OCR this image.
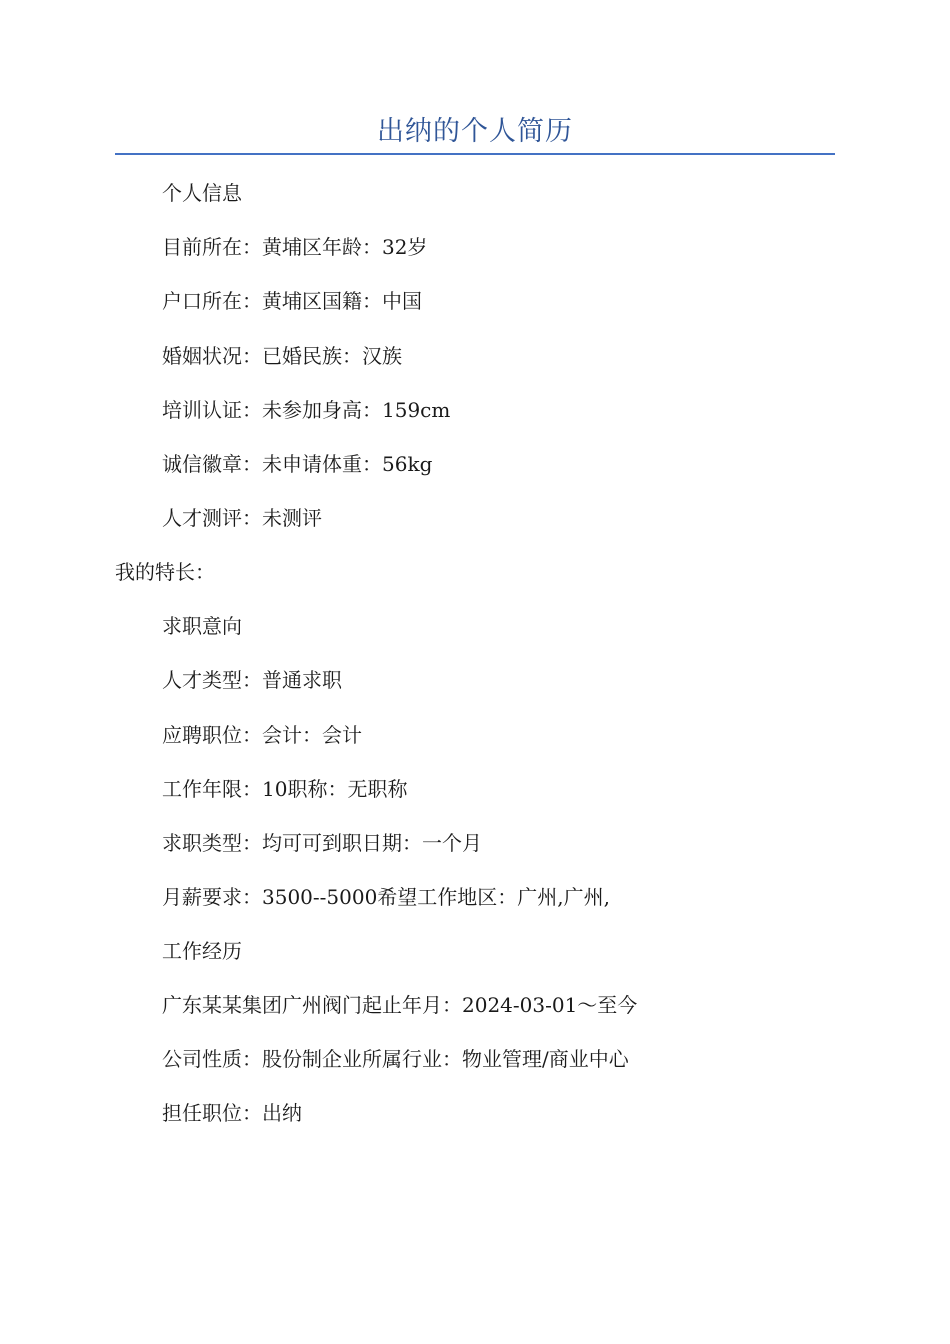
出纳的个人简历
个人信息
目前所在：黄埔区年龄：32岁
户口所在：黄埔区国籍：中国
婚姻状况：已婚民族：汉族
培训认证：未参加身高：159cm
诚信徽章：未申请体重：56kg
人才测评：未测评
我的特长：
求职意向
人才类型：普通求职
应聘职位：会计：会计
工作年限：10职称：无职称
求职类型：均可可到职日期：一个月
月薪要求：3500--5000希望工作地区：广州,广州,
工作经历
广东某某集团广州阀门起止年月：2024-03-01～至今
公司性质：股份制企业所属行业：物业管理/商业中心
担任职位：出纳
